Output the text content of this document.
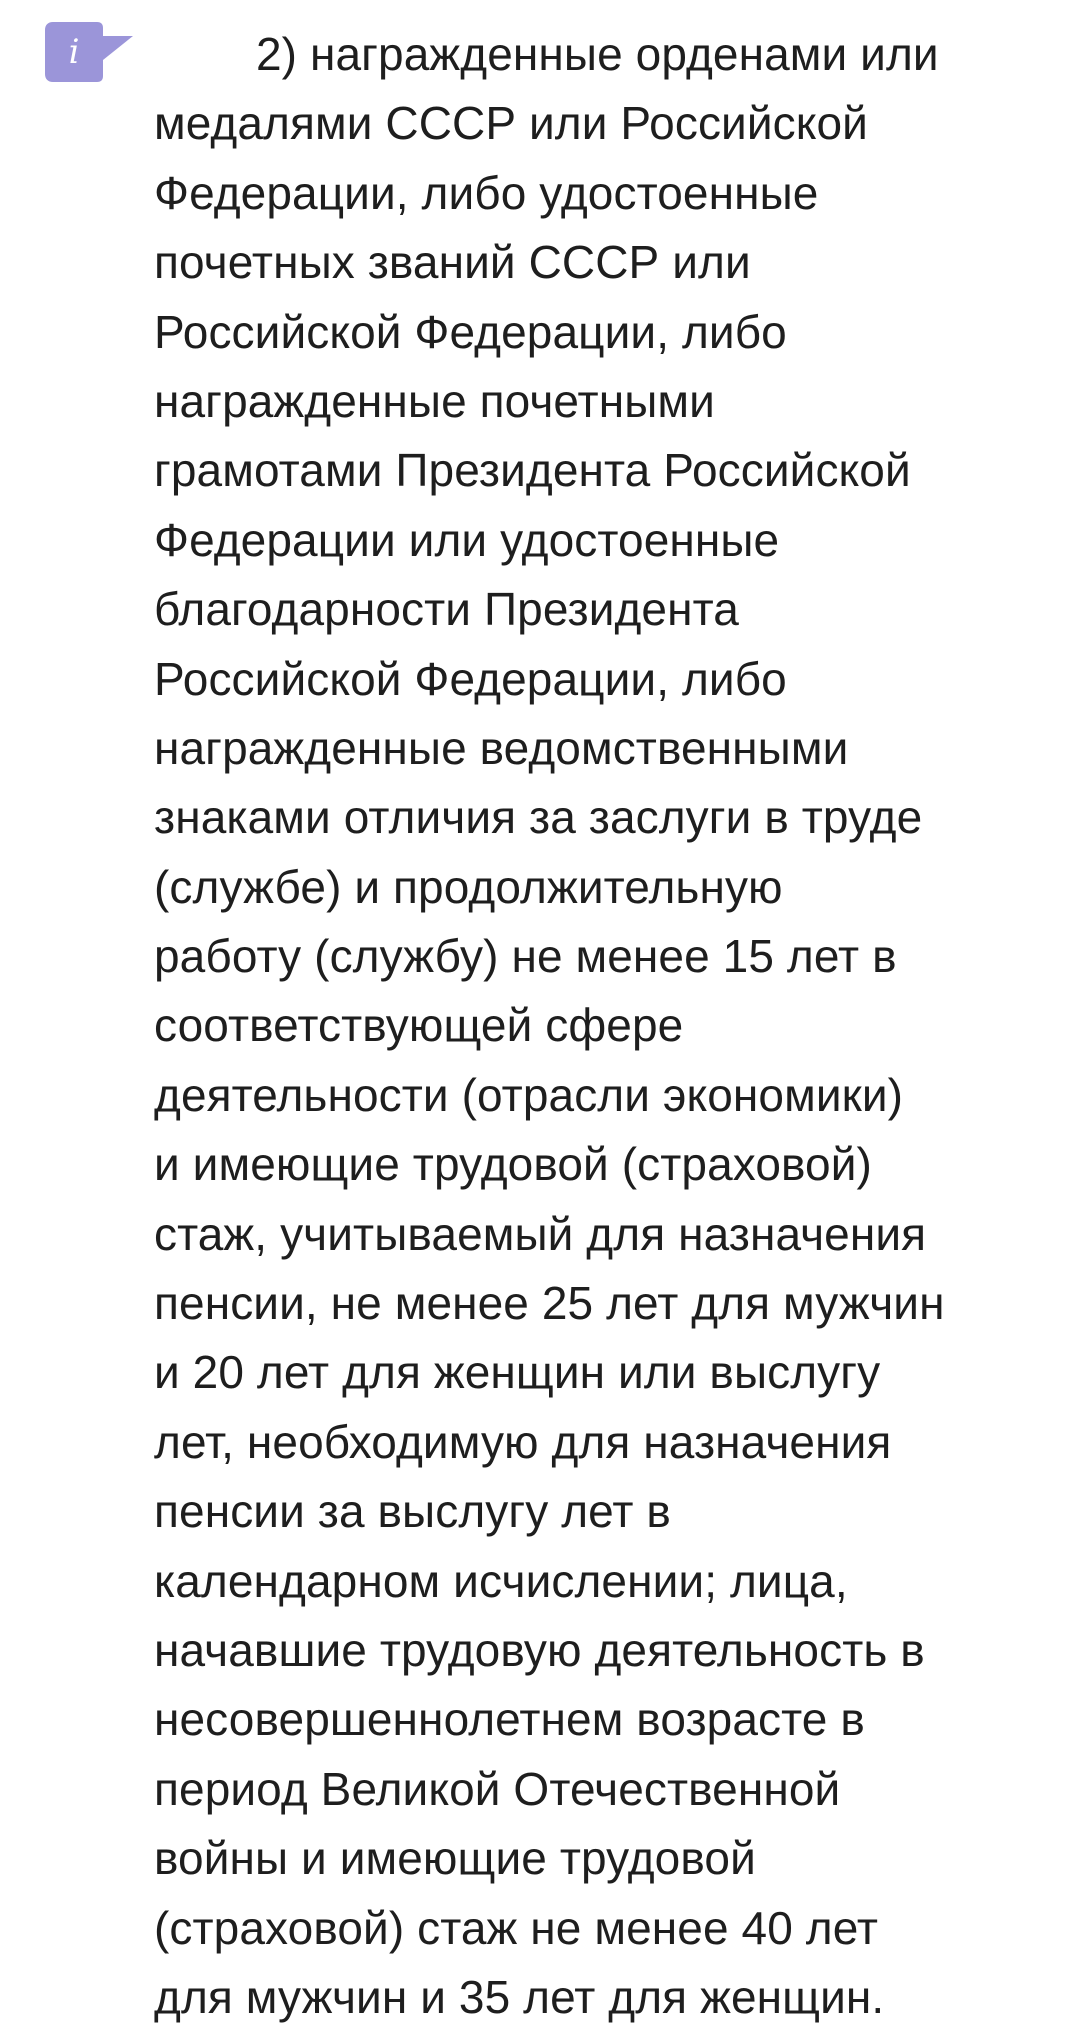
i	2) награжденные орденами или
медалями СССР или Российской
Федерации, либо удостоенные
почетных званий СССР или
Российской Федерации, либо
награжденные почетными
грамотами Президента Российской
Федерации или удостоенные
благодарности Президента
Российской Федерации, либо
награжденные ведомственными
знаками отличия за заслуги в труде
(службе) и продолжительную
работу (службу) не менее 15 лет в
соответствующей сфере
деятельности (отрасли экономики)
и имеющие трудовой (страховой)
стаж, учитываемый для назначения
пенсии, не менее 25 лет для мужчин
и 20 лет для женщин или выслугу
лет, необходимую для назначения
пенсии за выслугу лет в
календарном исчислении; лица,
начавшие трудовую деятельность в
несовершеннолетнем возрасте в
период Великой Отечественной
войны и имеющие трудовой
(страховой) стаж не менее 40 лет
для мужчин и 35 лет для женщин.
